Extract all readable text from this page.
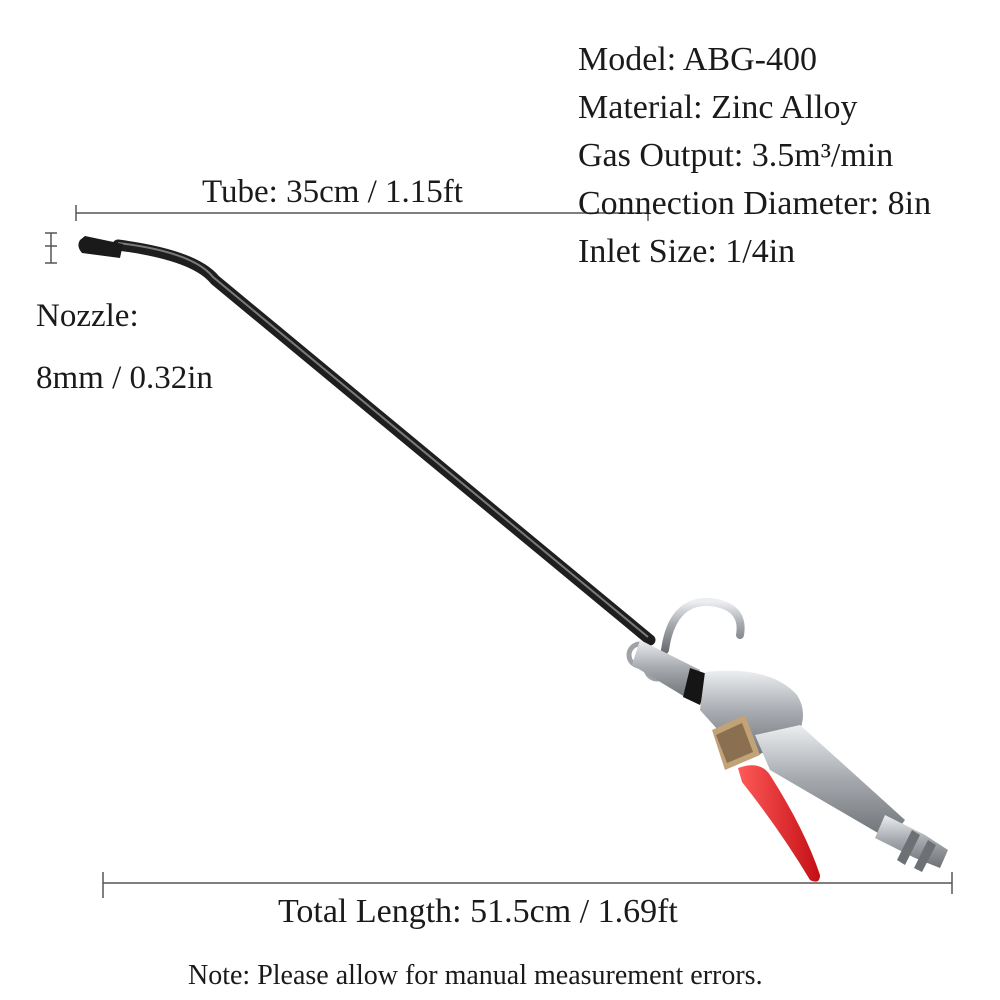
Model: ABG-400
Material: Zinc Alloy
Gas Output: 3.5m³/min
Connection Diameter: 8in
Inlet Size: 1/4in
Tube: 35cm / 1.15ft
Nozzle:
8mm / 0.32in
Total Length: 51.5cm / 1.69ft
Note: Please allow for manual measurement errors.
